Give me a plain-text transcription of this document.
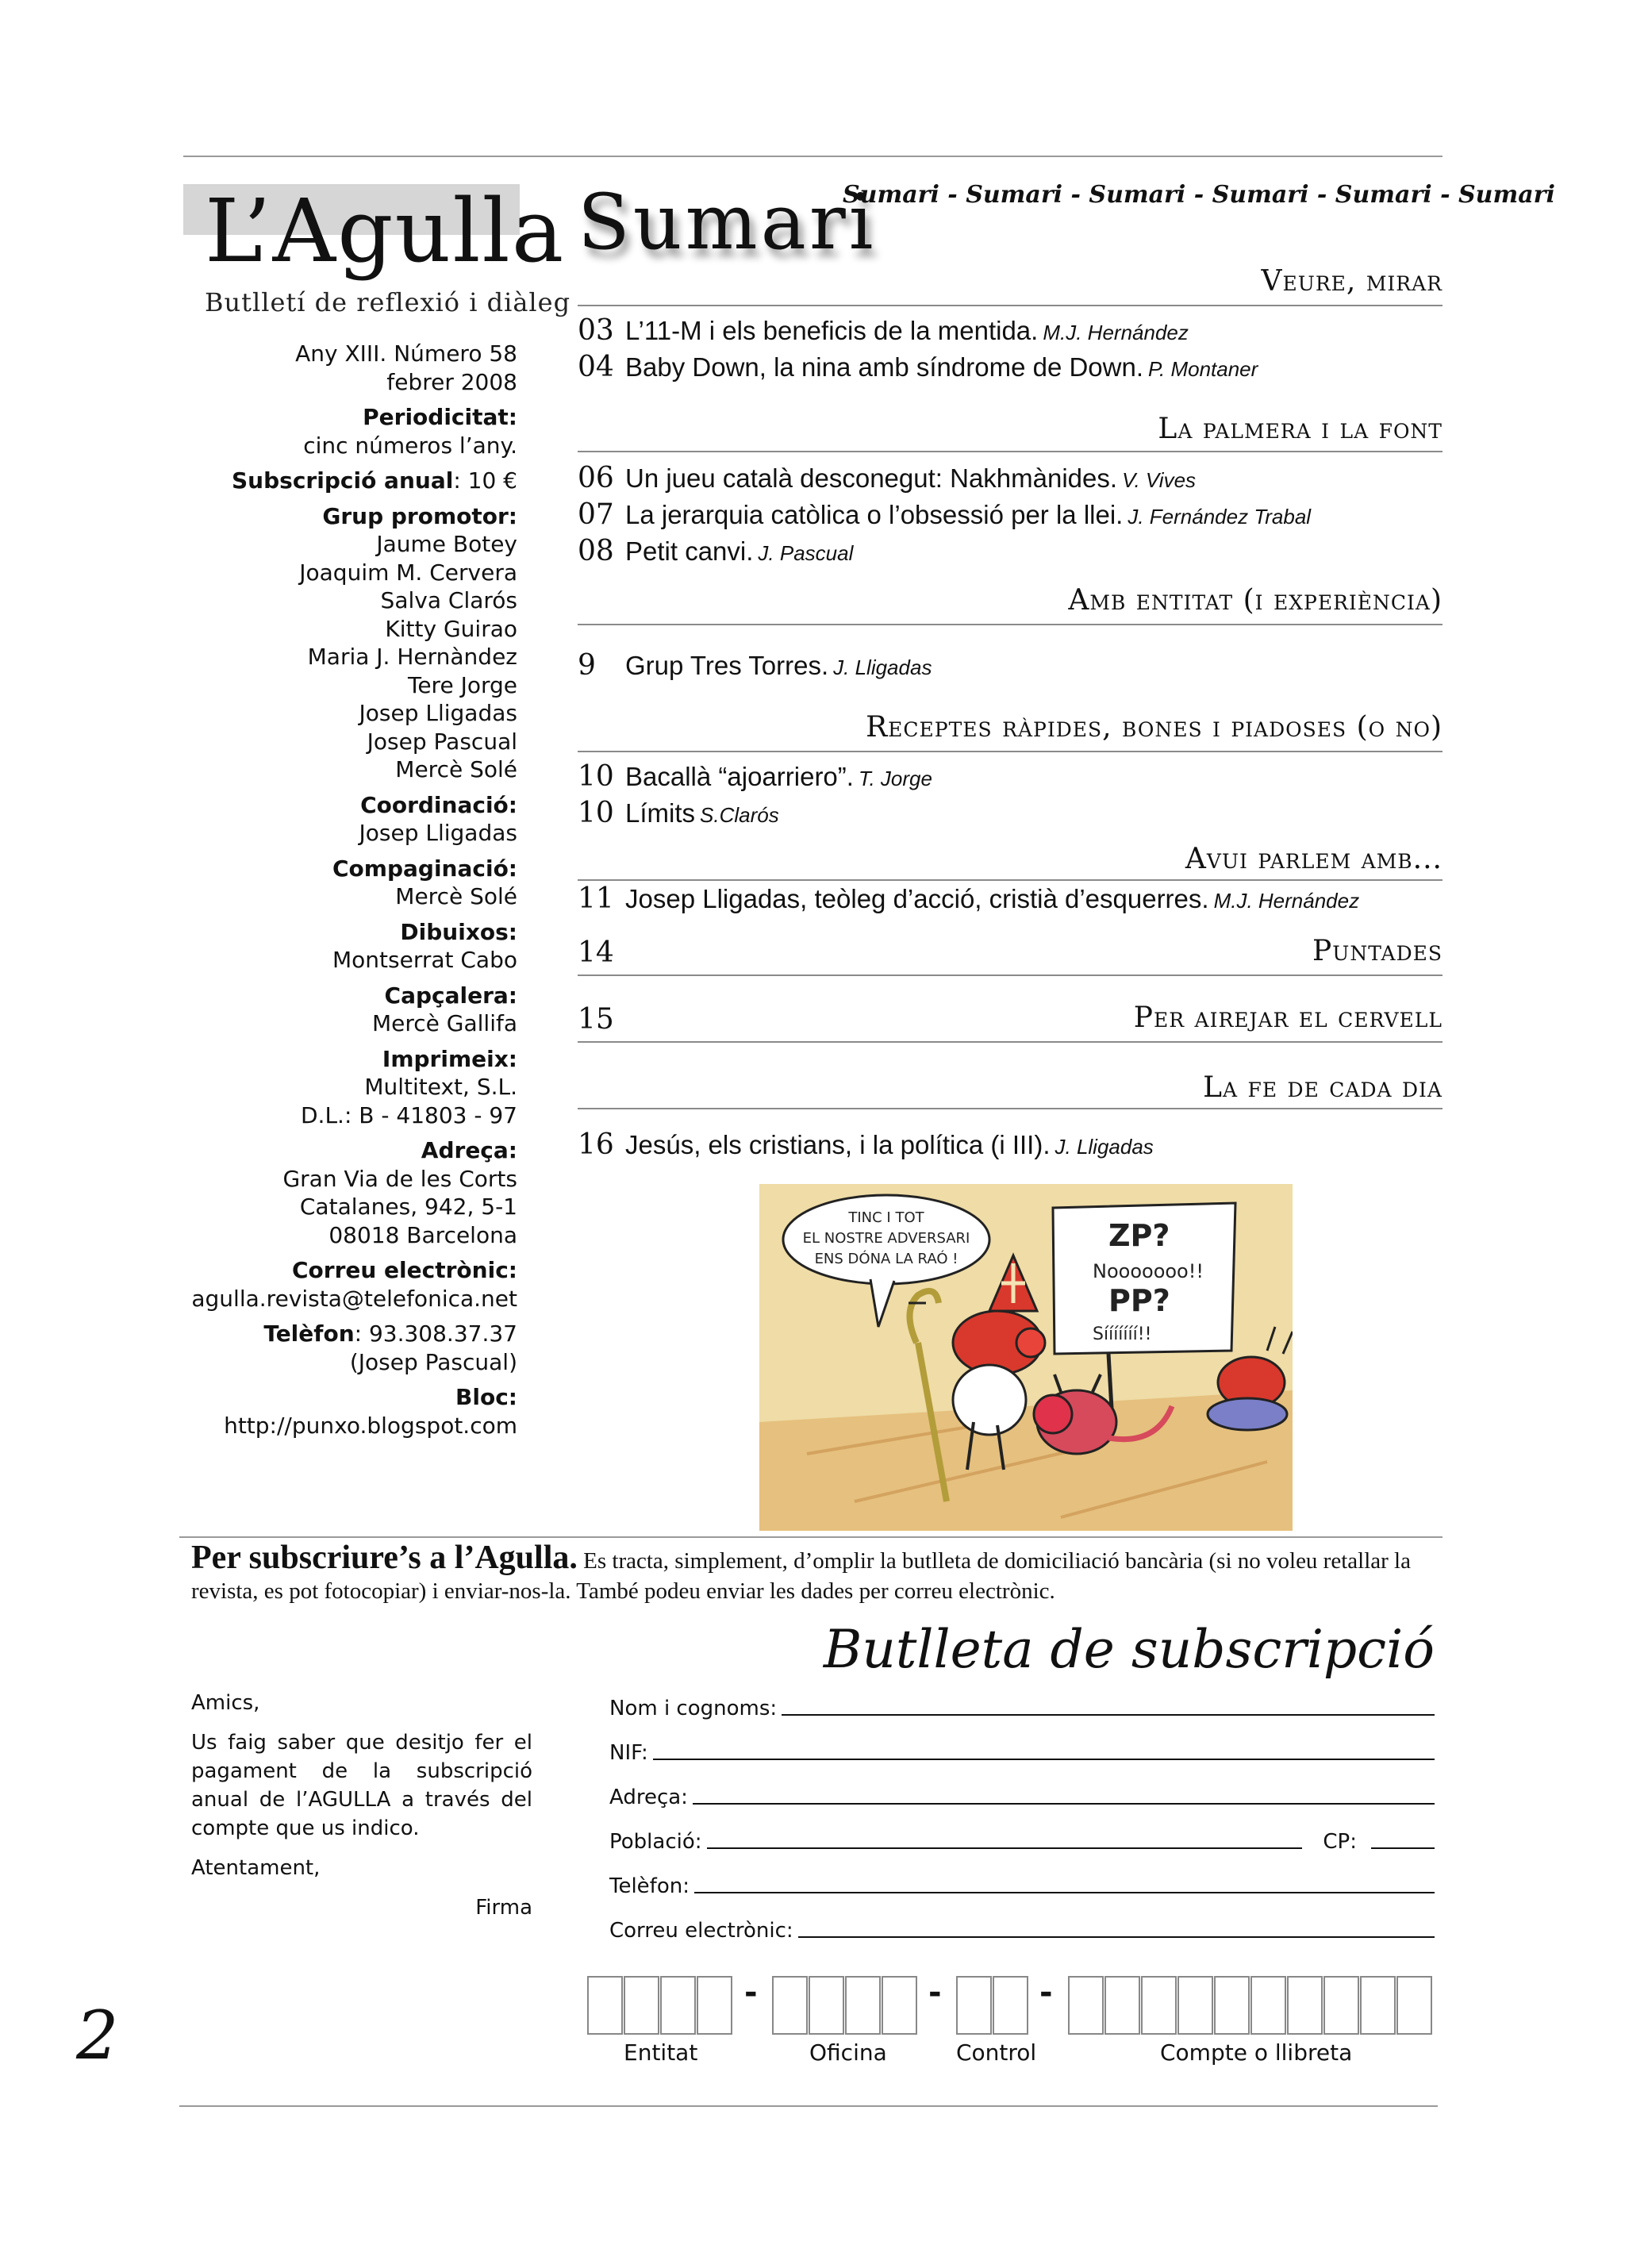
L’Agulla
Butlletí de reflexió i diàleg
Any XIII. Número 58
febrer 2008
Periodicitat:
cinc números l’any.
Subscripció anual: 10 €
Grup promotor:
Jaume Botey
Joaquim M. Cervera
Salva Clarós
Kitty Guirao
Maria J. Hernàndez
Tere Jorge
Josep Lligadas
Josep Pascual
Mercè Solé
Coordinació:
Josep Lligadas
Compaginació:
Mercè Solé
Dibuixos:
Montserrat Cabo
Capçalera:
Mercè Gallifa
Imprimeix:
Multitext, S.L.
D.L.: B - 41803 - 97
Adreça:
Gran Via de les Corts
Catalanes, 942, 5-1
08018 Barcelona
Correu electrònic:
agulla.revista@telefonica.net
Telèfon: 93.308.37.37
(Josep Pascual)
Bloc:
http://punxo.blogspot.com
Sumari
Sumari - Sumari - Sumari - Sumari - Sumari - Sumari
Veure, mirar
03 L’11-M i els beneficis de la mentida. M.J. Hernández
04 Baby Down, la nina amb síndrome de Down. P. Montaner
La palmera i la font
06 Un jueu català desconegut: Nakhmànides. V. Vives
07 La jerarquia catòlica o l’obsessió per la llei. J. Fernández Trabal
08 Petit canvi. J. Pascual
Amb entitat (i experiència)
9 Grup Tres Torres. J. Lligadas
Receptes ràpides, bones i piadoses (o no)
10 Bacallà “ajoarriero”. T. Jorge
10 Límits S.Clarós
Avui parlem amb...
11 Josep Lligadas, teòleg d’acció, cristià d’esquerres. M.J. Hernández
14	Puntades
15	Per airejar el cervell
La fe de cada dia
16 Jesús, els cristians, i la política (i III). J. Lligadas
TINC I TOT
EL NOSTRE ADVERSARI
ENS DÓNA LA RAÓ !
ZP?
Nooooooo!!
PP?
Sííííííí!!
Per subscriure’s a l’Agulla. Es tracta, simplement, d’omplir la butlleta de domiciliació bancària (si no voleu retallar la revista, es pot fotocopiar) i enviar-nos-la. També podeu enviar les dades per correu electrònic.
Butlleta de subscripció

Amics,

Us faig saber que desitjo fer el pagament de la subscripció anual de l’AGULLA a través del compte que us indico.

Atentament,

Firma

Nom i cognoms:
NIF:
Adreça:
Població:	CP:
Telèfon:
Correu electrònic:
-	-	-
Entitat	Oficina	Control	Compte o llibreta
2
